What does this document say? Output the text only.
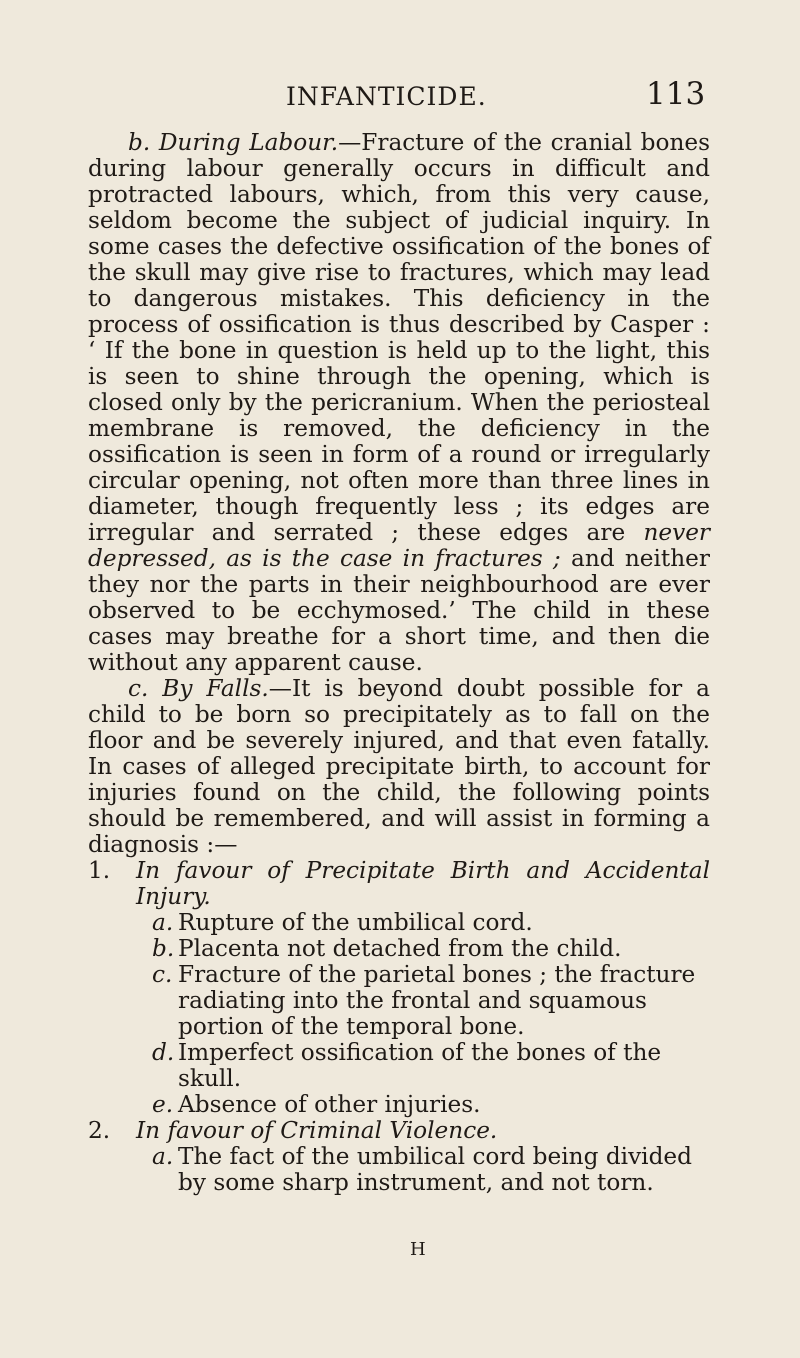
INFANTICIDE.	113

b. During Labour.—Fracture of the cranial bones during labour generally occurs in difficult and protracted labours, which, from this very cause, seldom become the subject of judicial inquiry. In some cases the defective ossification of the bones of the skull may give rise to fractures, which may lead to dangerous mistakes. This deficiency in the process of ossification is thus described by Casper : ‘ If the bone in question is held up to the light, this is seen to shine through the opening, which is closed only by the pericranium. When the periosteal membrane is removed, the deficiency in the ossification is seen in form of a round or irregularly circular opening, not often more than three lines in diameter, though frequently less ; its edges are irregular and serrated ; these edges are never depressed, as is the case in fractures ; and neither they nor the parts in their neighbourhood are ever observed to be ecchymosed.’ The child in these cases may breathe for a short time, and then die without any apparent cause.

c. By Falls.—It is beyond doubt possible for a child to be born so precipitately as to fall on the floor and be severely injured, and that even fatally. In cases of alleged precipitate birth, to account for injuries found on the child, the following points should be remembered, and will assist in forming a diagnosis :—

1. In favour of Precipitate Birth and Accidental Injury.

a. Rupture of the umbilical cord.

b. Placenta not detached from the child.

c. Fracture of the parietal bones ; the fracture radiating into the frontal and squamous portion of the temporal bone.

d. Imperfect ossification of the bones of the skull.

e. Absence of other injuries.

2. In favour of Criminal Violence.

a. The fact of the umbilical cord being divided by some sharp instrument, and not torn.

H
